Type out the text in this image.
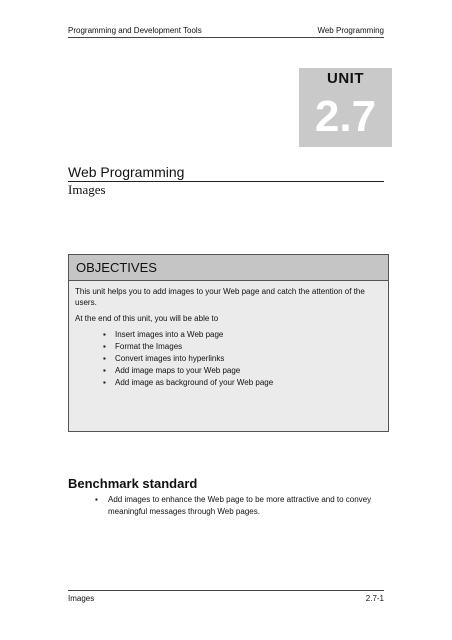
Programming and Development Tools	Web Programming
UNIT
2.7
Web Programming
Images
OBJECTIVES

This unit helps you to add images to your Web page and catch the attention of the users.

At the end of this unit, you will be able to

▪ Insert images into a Web page
▪ Format the Images
▪ Convert images into hyperlinks
▪ Add image maps to your Web page
▪ Add image as background of your Web page
Benchmark standard
▪ Add images to enhance the Web page to be more attractive and to convey meaningful messages through Web pages.
Images	2.7-1
